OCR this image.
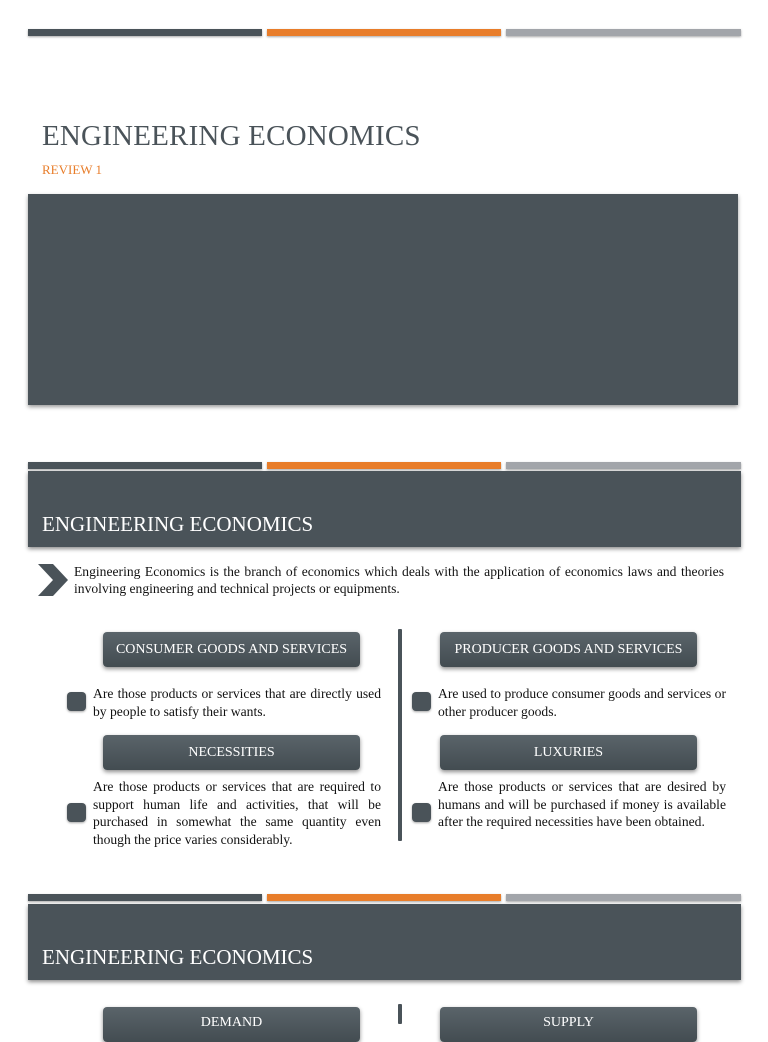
ENGINEERING ECONOMICS
REVIEW 1
ENGINEERING ECONOMICS
Engineering Economics is the branch of economics which deals with the application of economics laws and theories involving engineering and technical projects or equipments.
CONSUMER GOODS AND SERVICES
Are those products or services that are directly used by people to satisfy their wants.
PRODUCER GOODS AND SERVICES
Are used to produce consumer goods and services or other producer goods.
NECESSITIES
Are those products or services that are required to support human life and activities, that will be purchased in somewhat the same quantity even though the price varies considerably.
LUXURIES
Are those products or services that are desired by humans and will be purchased if money is available after the required necessities have been obtained.
ENGINEERING ECONOMICS
DEMAND	SUPPLY
